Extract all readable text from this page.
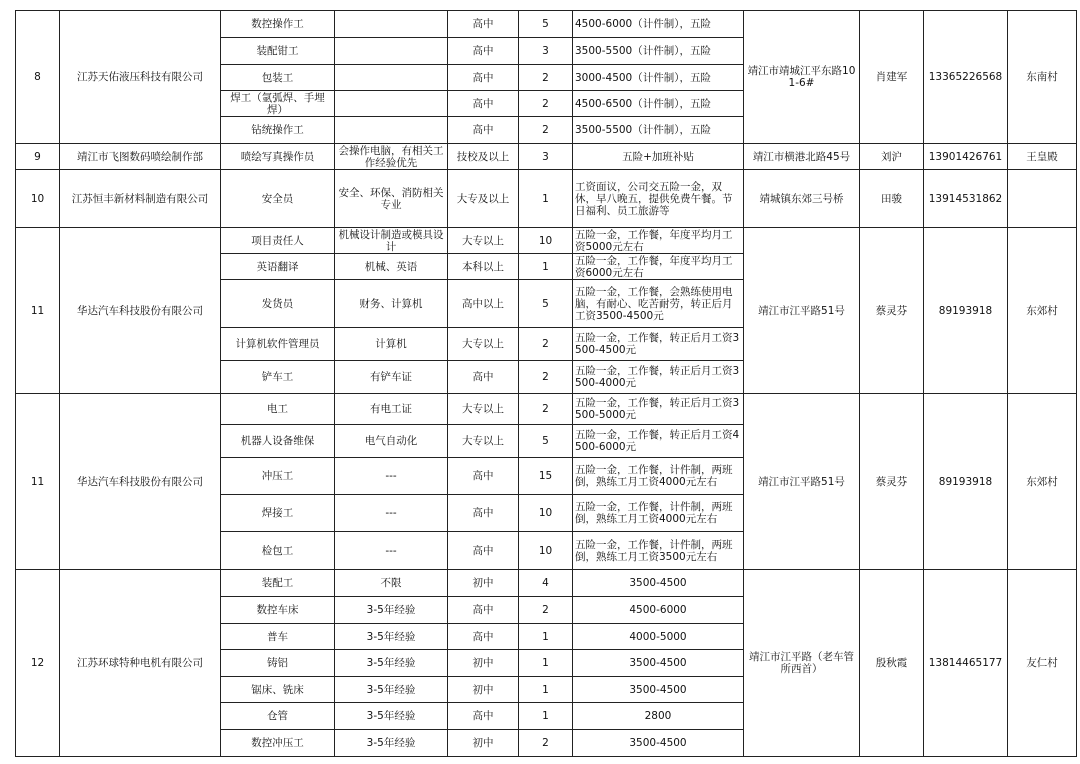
8	江苏天佑液压科技有限公司	数控操作工		高中	5	4500-6000（计件制），五险	靖江市靖城江平东路101-6#	肖建军	13365226568	东南村
		装配钳工		高中	3	3500-5500（计件制），五险				
		包装工		高中	2	3000-4500（计件制），五险				
		焊工（氩弧焊、手埋焊）		高中	2	4500-6500（计件制），五险				
		钻统操作工		高中	2	3500-5500（计件制），五险				
9	靖江市飞图数码喷绘制作部	喷绘写真操作员	会操作电脑，有相关工作经验优先	技校及以上	3	五险+加班补贴	靖江市横港北路45号	刘沪	13901426761	王皇殿
10	江苏恒丰新材料制造有限公司	安全员	安全、环保、消防相关专业	大专及以上	1	工资面议，公司交五险一金，双休，早八晚五，提供免费午餐。节日福利、员工旅游等	靖城镇东郊三号桥	田骏	13914531862	
11	华达汽车科技股份有限公司	项目责任人	机械设计制造或模具设计	大专以上	10	五险一金，工作餐，年度平均月工资5000元左右	靖江市江平路51号	蔡灵芬	89193918	东郊村
		英语翻译	机械、英语	本科以上	1	五险一金，工作餐，年度平均月工资6000元左右				
		发货员	财务、计算机	高中以上	5	五险一金，工作餐，会熟练使用电脑，有耐心、吃苦耐劳，转正后月工资3500-4500元				
		计算机软件管理员	计算机	大专以上	2	五险一金，工作餐，转正后月工资3500-4500元				
		铲车工	有铲车证	高中	2	五险一金，工作餐，转正后月工资3500-4000元				
11	华达汽车科技股份有限公司	电工	有电工证	大专以上	2	五险一金，工作餐，转正后月工资3500-5000元	靖江市江平路51号	蔡灵芬	89193918	东郊村
		机器人设备维保	电气自动化	大专以上	5	五险一金，工作餐，转正后月工资4500-6000元				
		冲压工	---	高中	15	五险一金，工作餐，计件制，两班倒，熟练工月工资4000元左右				
		焊接工	---	高中	10	五险一金，工作餐，计件制，两班倒，熟练工月工资4000元左右				
		检包工	---	高中	10	五险一金，工作餐，计件制，两班倒，熟练工月工资3500元左右				
12	江苏环球特种电机有限公司	装配工	不限	初中	4	3500-4500	靖江市江平路（老车管所西首）	殷秋霞	13814465177	友仁村
		数控车床	3-5年经验	高中	2	4500-6000				
		普车	3-5年经验	高中	1	4000-5000				
		铸铝	3-5年经验	初中	1	3500-4500				
		锯床、铣床	3-5年经验	初中	1	3500-4500				
		仓管	3-5年经验	高中	1	2800				
		数控冲压工	3-5年经验	初中	2	3500-4500				
